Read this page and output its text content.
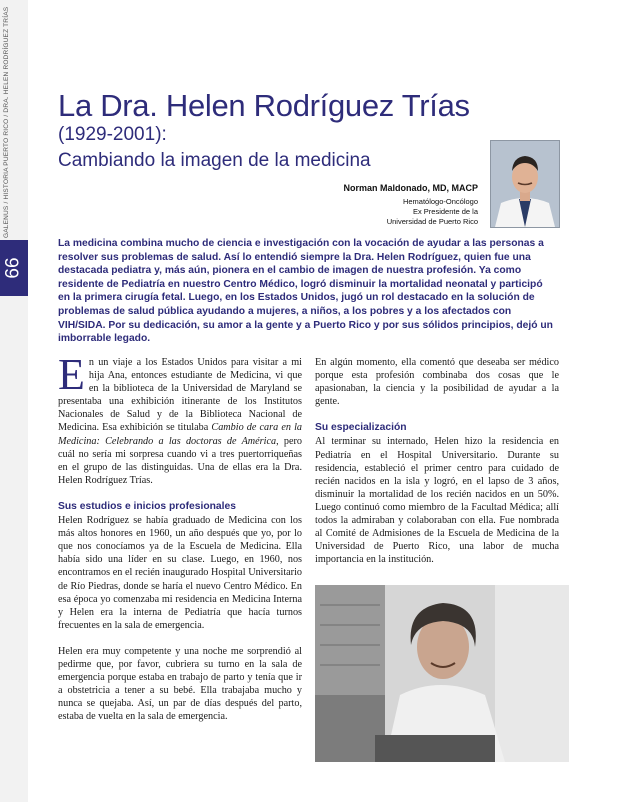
GALENUS / HISTORIA PUERTO RICO / DRA. HELEN RODRÍGUEZ TRÍAS
66
La Dra. Helen Rodríguez Trías
(1929-2001):
Cambiando la imagen de la medicina
Norman Maldonado, MD, MACP
Hematólogo-Oncólogo
Ex Presidente de la
Universidad de Puerto Rico

La medicina combina mucho de ciencia e investigación con la vocación de ayudar a las personas a resolver sus problemas de salud. Así lo entendió siempre la Dra. Helen Rodríguez, quien fue una destacada pediatra y, más aún, pionera en el cambio de imagen de nuestra profesión. Ya como residente de Pediatría en nuestro Centro Médico, logró disminuir la mortalidad neonatal y participó en la primera cirugía fetal. Luego, en los Estados Unidos, jugó un rol destacado en la solución de problemas de salud pública ayudando a mujeres, a niños, a los pobres y a los afectados con VIH/SIDA. Por su dedicación, su amor a la gente y a Puerto Rico y por sus sólidos principios, dejó un imborrable legado.

En un viaje a los Estados Unidos para visitar a mi hija Ana, entonces estudiante de Medicina, vi que en la biblioteca de la Universidad de Maryland se presentaba una exhibición itinerante de los Institutos Nacionales de Salud y de la Biblioteca Nacional de Medicina. Esa exhibición se titulaba Cambio de cara en la Medicina: Celebrando a las doctoras de América, pero cuál no sería mi sorpresa cuando vi a tres puertorriqueñas en el grupo de las distinguidas. Una de ellas era la Dra. Helen Rodríguez Trías.

Sus estudios e inicios profesionales

Helen Rodríguez se había graduado de Medicina con los más altos honores en 1960, un año después que yo, por lo que nos conocíamos ya de la Escuela de Medicina. Ella había sido una líder en su clase. Luego, en 1960, nos encontramos en el recién inaugurado Hospital Universitario de Río Piedras, donde se haría el nuevo Centro Médico. En esa época yo comenzaba mi residencia en Medicina Interna y Helen era la interna de Pediatría que hacía turnos frecuentes en la sala de emergencia.

Helen era muy competente y una noche me sorprendió al pedirme que, por favor, cubriera su turno en la sala de emergencia porque estaba en trabajo de parto y tenía que ir a obstetricia a tener a su bebé. Ella trabajaba mucho y nunca se quejaba. Así, un par de días después del parto, estaba de vuelta en la sala de emergencia.

En algún momento, ella comentó que deseaba ser médico porque esta profesión combinaba dos cosas que le apasionaban, la ciencia y la posibilidad de ayudar a la gente.

Su especialización

Al terminar su internado, Helen hizo la residencia en Pediatría en el Hospital Universitario. Durante su residencia, estableció el primer centro para cuidado de recién nacidos en la isla y logró, en el lapso de 3 años, disminuir la mortalidad de los recién nacidos en un 50%. Luego continuó como miembro de la Facultad Médica; allí todos la admiraban y colaboraban con ella. Fue nombrada al Comité de Admisiones de la Escuela de Medicina de la Universidad de Puerto Rico, una labor de mucha importancia en la institución.
